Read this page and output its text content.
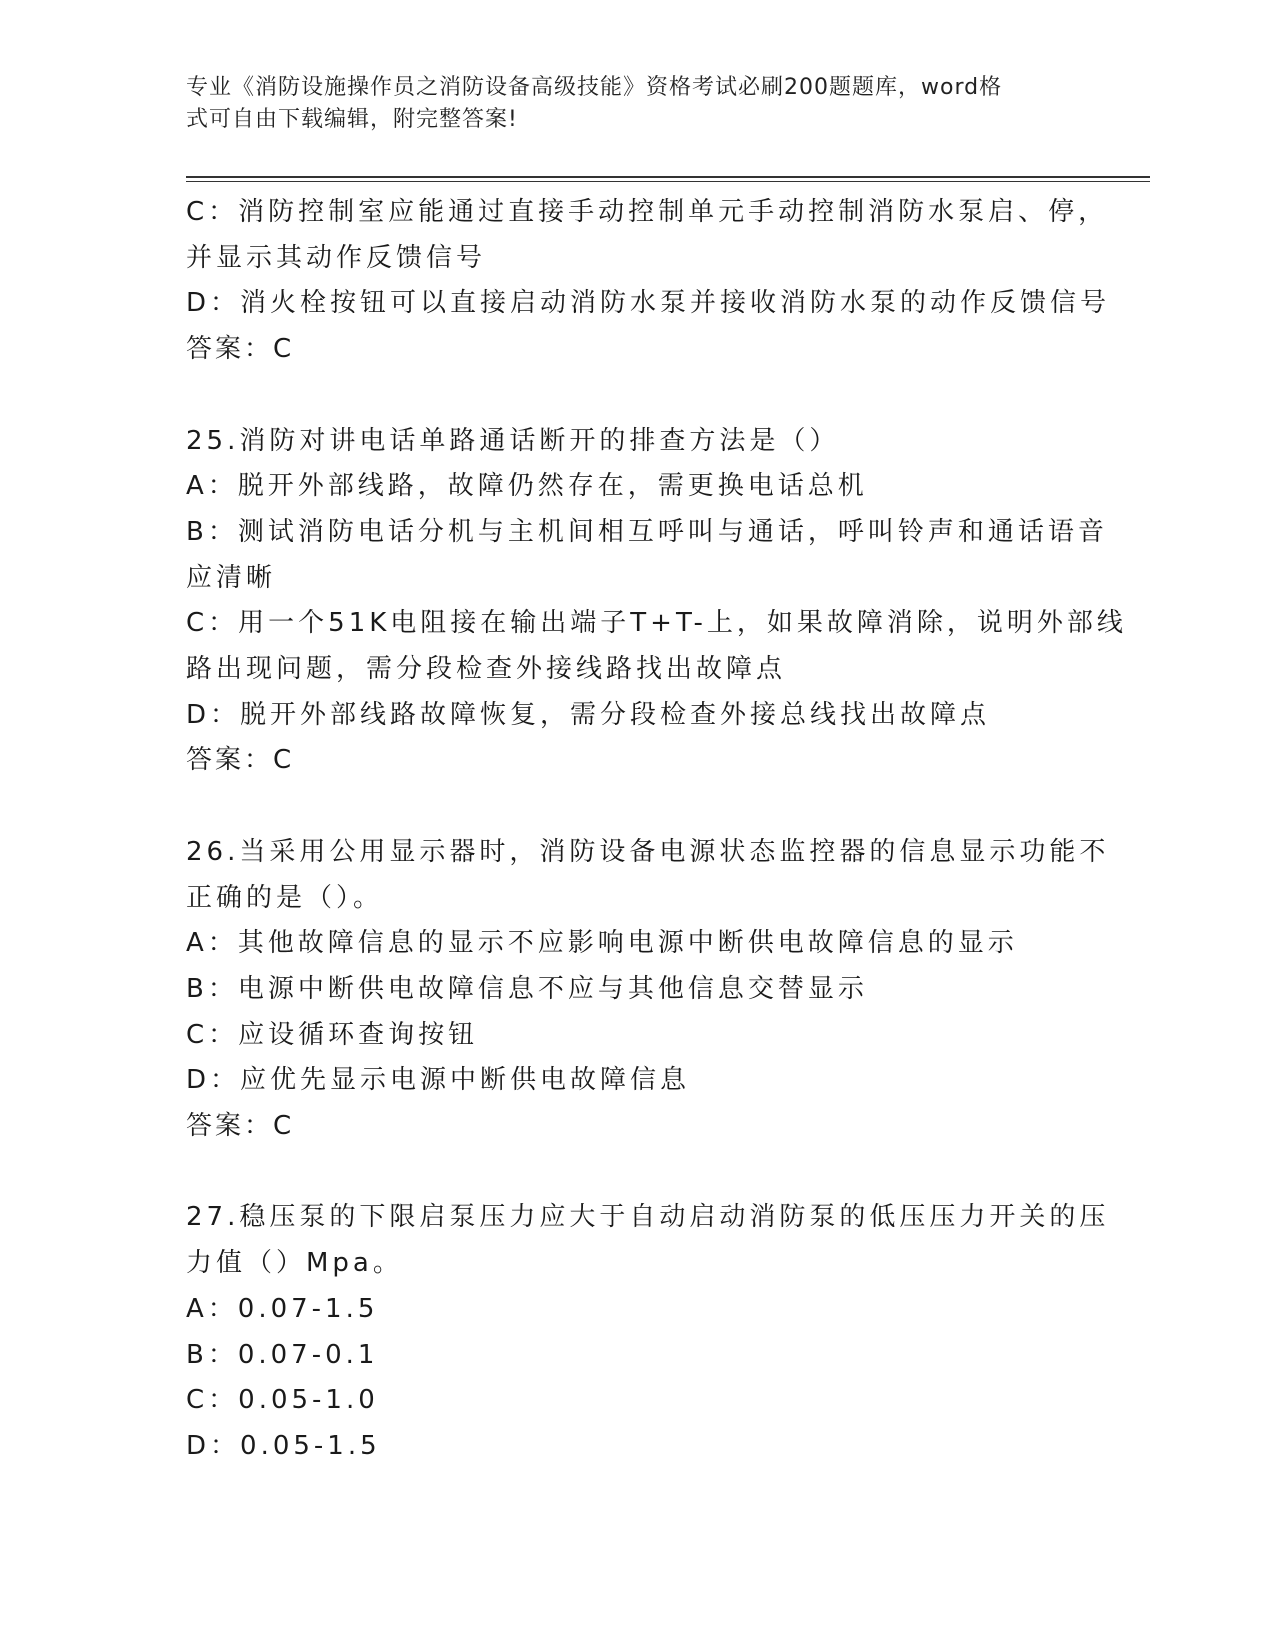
专业《消防设施操作员之消防设备高级技能》资格考试必刷200题题库，word格
式可自由下载编辑，附完整答案!
C：消防控制室应能通过直接手动控制单元手动控制消防水泵启、停，
并显示其动作反馈信号
D：消火栓按钮可以直接启动消防水泵并接收消防水泵的动作反馈信号
答案：C
25.消防对讲电话单路通话断开的排查方法是（）
A：脱开外部线路，故障仍然存在，需更换电话总机
B：测试消防电话分机与主机间相互呼叫与通话，呼叫铃声和通话语音
应清晰
C：用一个51K电阻接在输出端子T+T-上，如果故障消除，说明外部线
路出现问题，需分段检查外接线路找出故障点
D：脱开外部线路故障恢复，需分段检查外接总线找出故障点
答案：C
26.当采用公用显示器时，消防设备电源状态监控器的信息显示功能不
正确的是（）。
A：其他故障信息的显示不应影响电源中断供电故障信息的显示
B：电源中断供电故障信息不应与其他信息交替显示
C：应设循环查询按钮
D：应优先显示电源中断供电故障信息
答案：C
27.稳压泵的下限启泵压力应大于自动启动消防泵的低压压力开关的压
力值（）Mpa。
A：0.07-1.5
B：0.07-0.1
C：0.05-1.0
D：0.05-1.5
